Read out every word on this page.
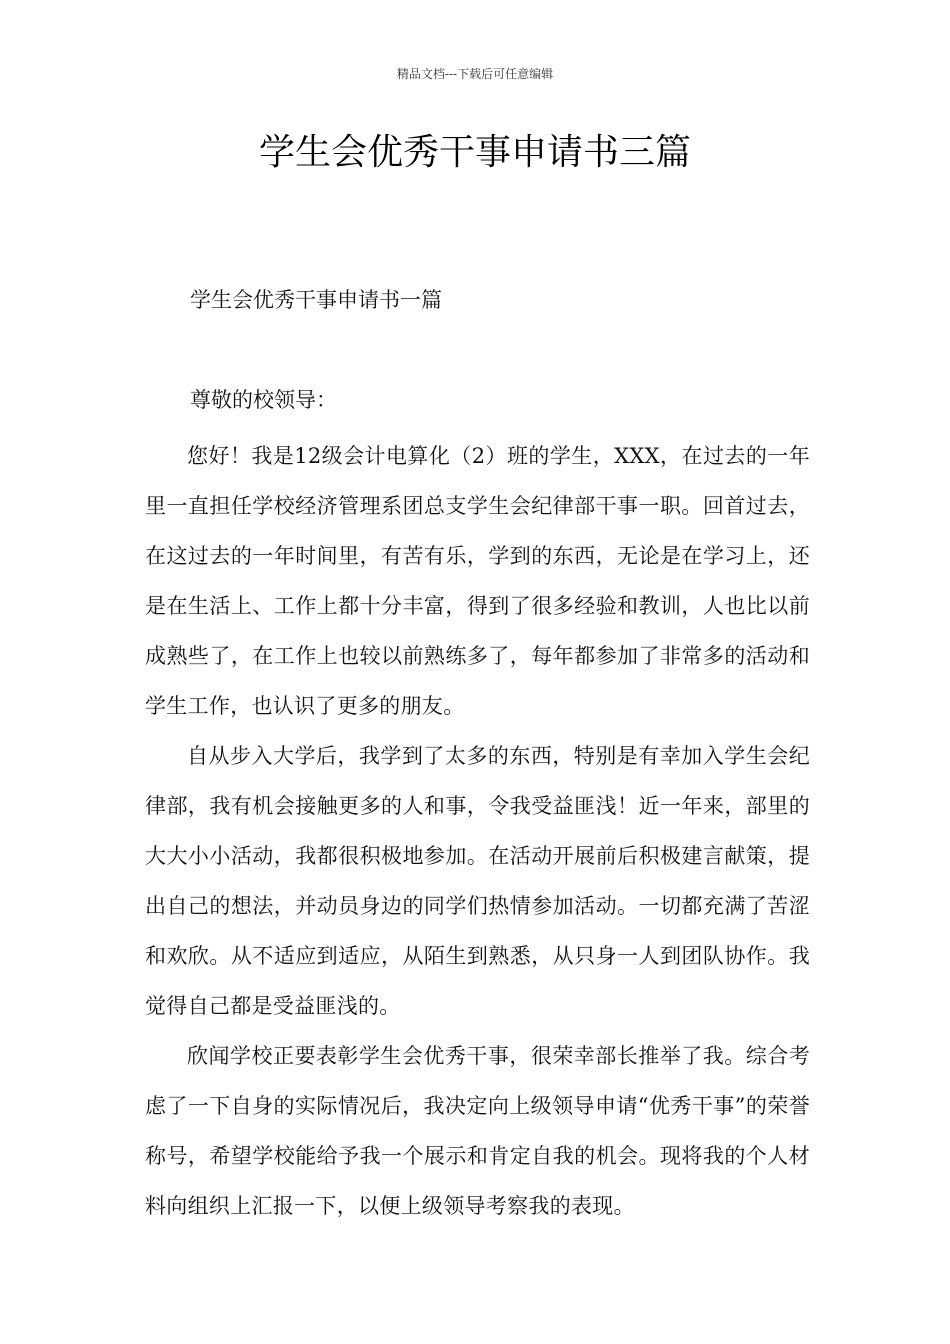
精品文档---下载后可任意编辑
学生会优秀干事申请书三篇
学生会优秀干事申请书一篇

尊敬的校领导：

您好！我是12级会计电算化（2）班的学生，XXX，在过去的一年里一直担任学校经济管理系团总支学生会纪律部干事一职。回首过去，在这过去的一年时间里，有苦有乐，学到的东西，无论是在学习上，还是在生活上、工作上都十分丰富，得到了很多经验和教训，人也比以前成熟些了，在工作上也较以前熟练多了，每年都参加了非常多的活动和学生工作，也认识了更多的朋友。

自从步入大学后，我学到了太多的东西，特别是有幸加入学生会纪律部，我有机会接触更多的人和事，令我受益匪浅！近一年来，部里的大大小小活动，我都很积极地参加。在活动开展前后积极建言献策，提出自己的想法，并动员身边的同学们热情参加活动。一切都充满了苦涩和欢欣。从不适应到适应，从陌生到熟悉，从只身一人到团队协作。我觉得自己都是受益匪浅的。

欣闻学校正要表彰学生会优秀干事，很荣幸部长推举了我。综合考虑了一下自身的实际情况后，我决定向上级领导申请“优秀干事”的荣誉称号，希望学校能给予我一个展示和肯定自我的机会。现将我的个人材料向组织上汇报一下，以便上级领导考察我的表现。
